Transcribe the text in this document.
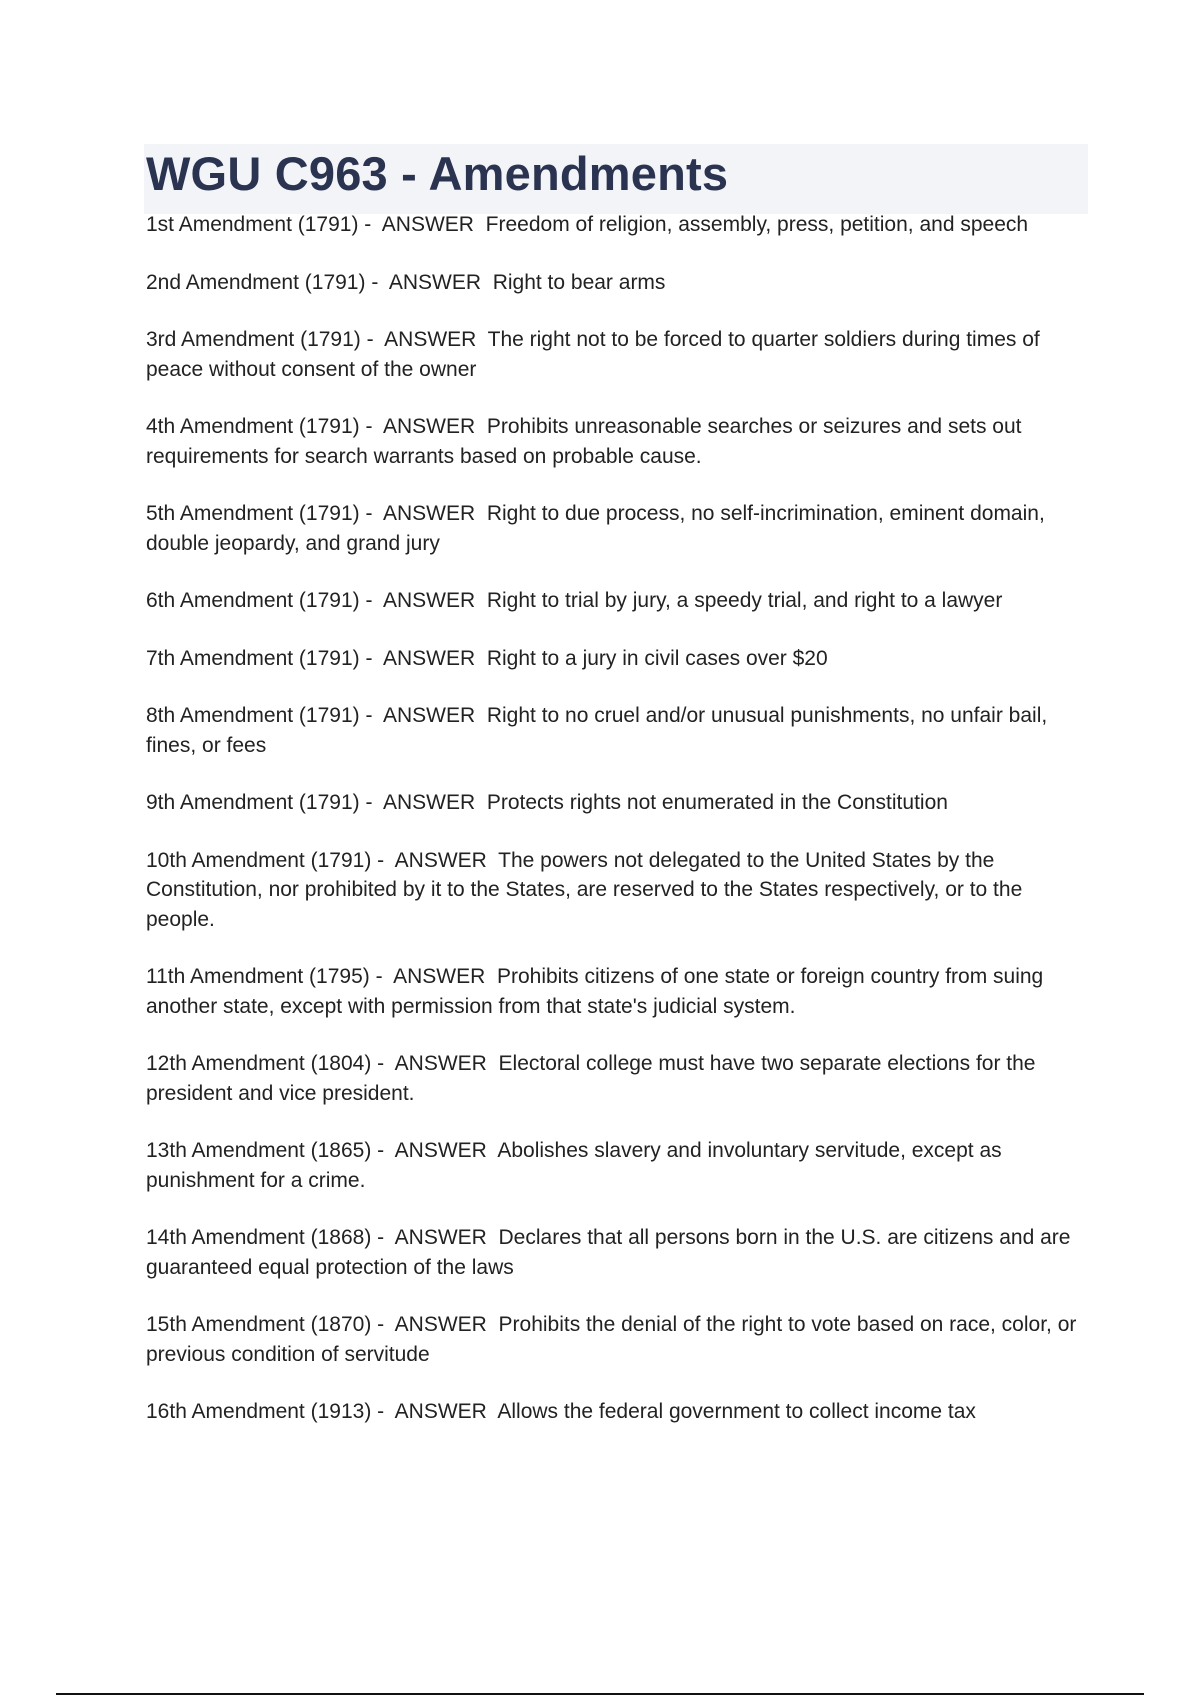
WGU C963 - Amendments
1st Amendment (1791) -  ANSWER Freedom of religion, assembly, press, petition, and speech
2nd Amendment (1791) -  ANSWER Right to bear arms
3rd Amendment (1791) -  ANSWER The right not to be forced to quarter soldiers during times of peace without consent of the owner
4th Amendment (1791) -  ANSWER Prohibits unreasonable searches or seizures and sets out requirements for search warrants based on probable cause.
5th Amendment (1791) -  ANSWER Right to due process, no self-incrimination, eminent domain, double jeopardy, and grand jury
6th Amendment (1791) -  ANSWER Right to trial by jury, a speedy trial, and right to a lawyer
7th Amendment (1791) -  ANSWER Right to a jury in civil cases over $20
8th Amendment (1791) -  ANSWER Right to no cruel and/or unusual punishments, no unfair bail, fines, or fees
9th Amendment (1791) -  ANSWER Protects rights not enumerated in the Constitution
10th Amendment (1791) -  ANSWER The powers not delegated to the United States by the Constitution, nor prohibited by it to the States, are reserved to the States respectively, or to the people.
11th Amendment (1795) -  ANSWER Prohibits citizens of one state or foreign country from suing another state, except with permission from that state's judicial system.
12th Amendment (1804) -  ANSWER Electoral college must have two separate elections for the president and vice president.
13th Amendment (1865) -  ANSWER Abolishes slavery and involuntary servitude, except as punishment for a crime.
14th Amendment (1868) -  ANSWER Declares that all persons born in the U.S. are citizens and are guaranteed equal protection of the laws
15th Amendment (1870) -  ANSWER Prohibits the denial of the right to vote based on race, color, or previous condition of servitude
16th Amendment (1913) -  ANSWER Allows the federal government to collect income tax
